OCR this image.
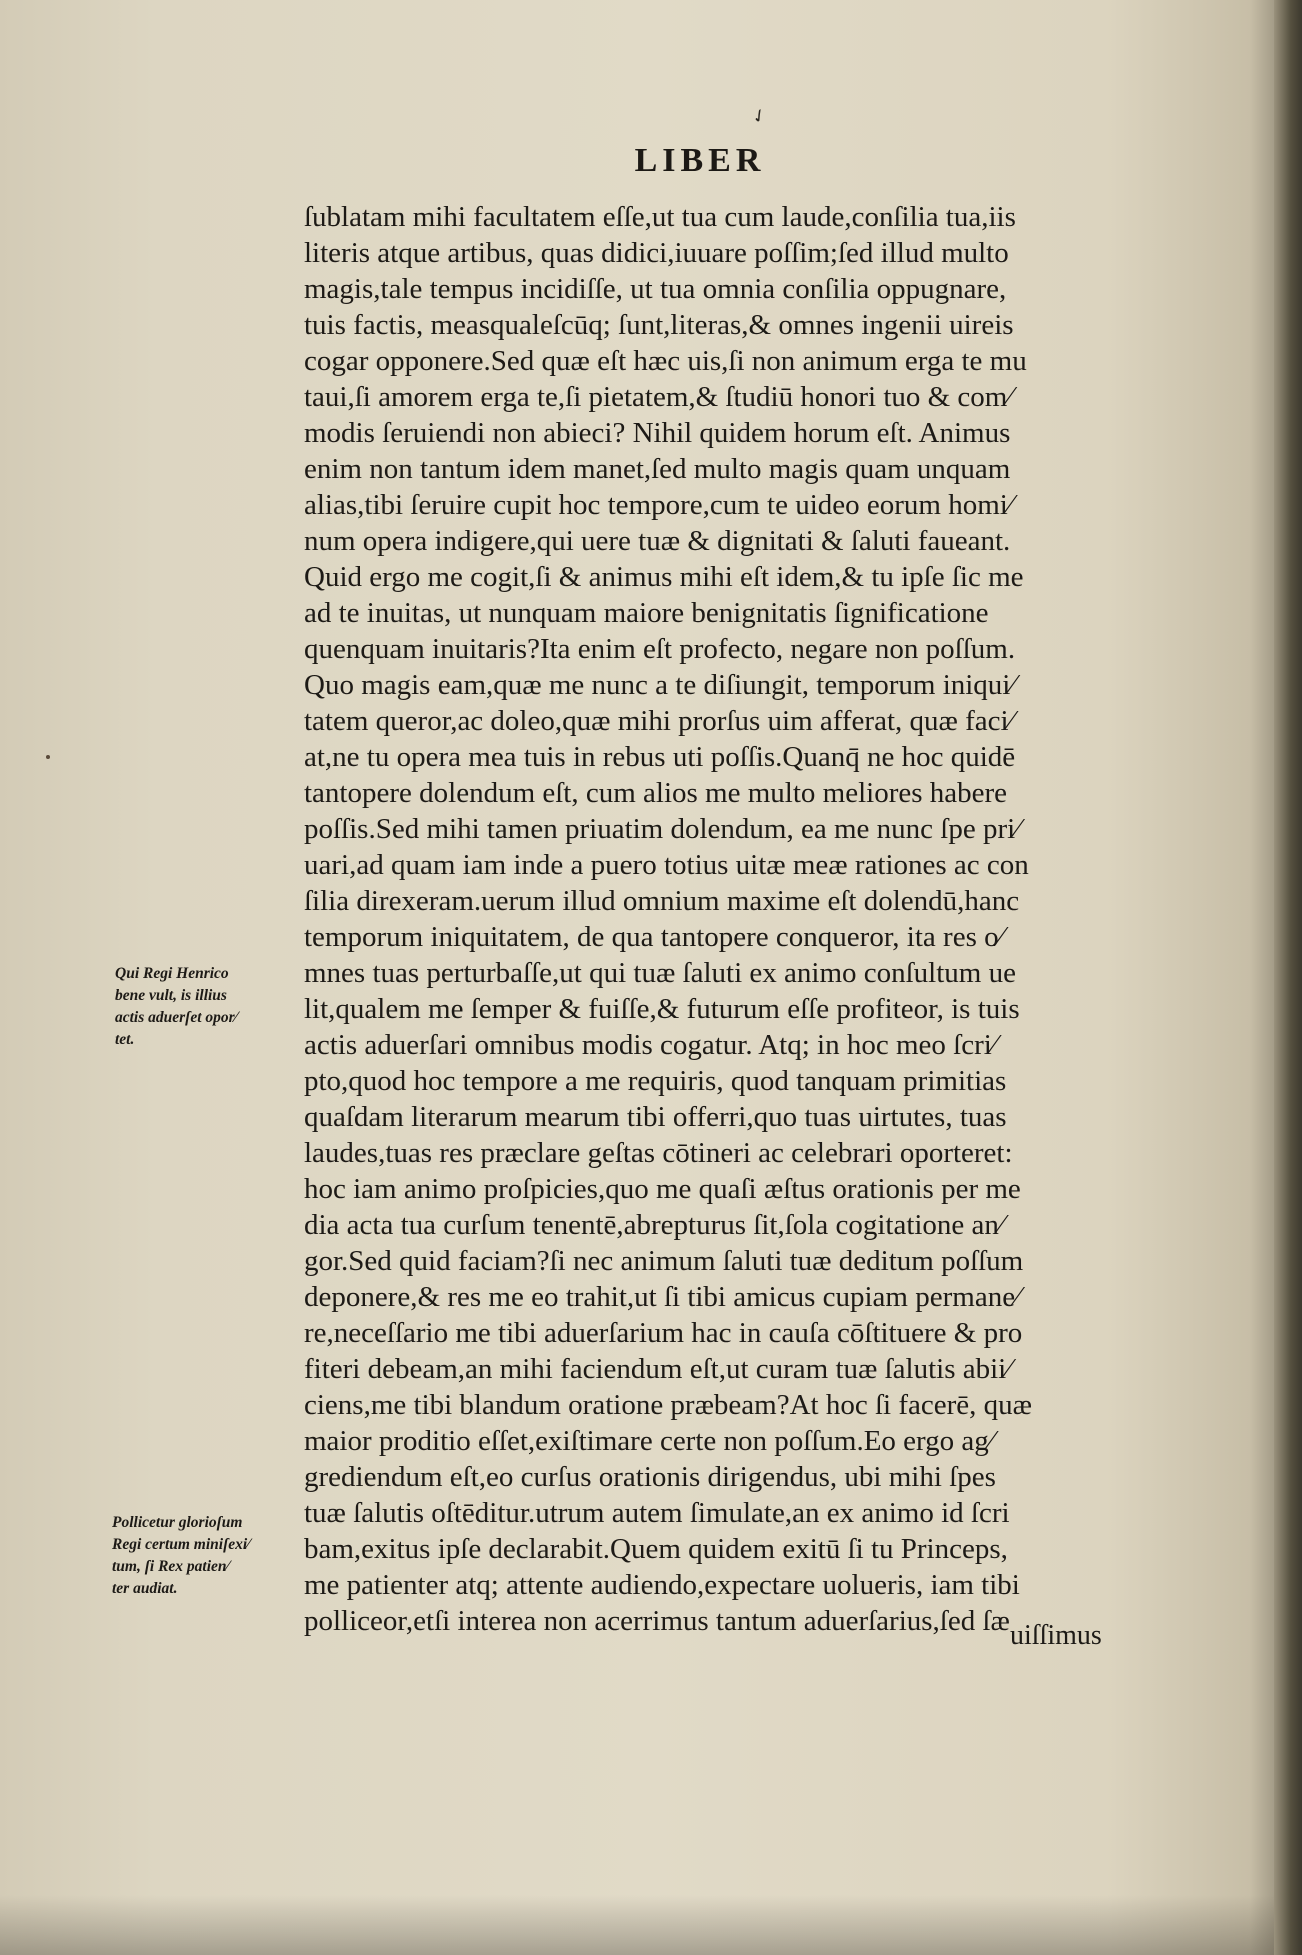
✓
LIBER
ſublatam mihi facultatem eſſe,ut tua cum laude,conſilia tua,iis
literis atque artibus, quas didici,iuuare poſſim;ſed illud multo
magis,tale tempus incidiſſe, ut tua omnia conſilia oppugnare,
tuis factis, measqualeſcūq; ſunt,literas,& omnes ingenii uireis
cogar opponere.Sed quæ eſt hæc uis,ſi non animum erga te mu
taui,ſi amorem erga te,ſi pietatem,& ſtudiū honori tuo & com⁄
modis ſeruiendi non abieci? Nihil quidem horum eſt. Animus
enim non tantum idem manet,ſed multo magis quam unquam
alias,tibi ſeruire cupit hoc tempore,cum te uideo eorum homi⁄
num opera indigere,qui uere tuæ & dignitati & ſaluti faueant.
Quid ergo me cogit,ſi & animus mihi eſt idem,& tu ipſe ſic me
ad te inuitas, ut nunquam maiore benignitatis ſignificatione
quenquam inuitaris?Ita enim eſt profecto, negare non poſſum.
Quo magis eam,quæ me nunc a te diſiungit, temporum iniqui⁄
tatem queror,ac doleo,quæ mihi prorſus uim afferat, quæ faci⁄
at,ne tu opera mea tuis in rebus uti poſſis.Quanq̄ ne hoc quidē
tantopere dolendum eſt, cum alios me multo meliores habere
poſſis.Sed mihi tamen priuatim dolendum, ea me nunc ſpe pri⁄
uari,ad quam iam inde a puero totius uitæ meæ rationes ac con
ſilia direxeram.uerum illud omnium maxime eſt dolendū,hanc
temporum iniquitatem, de qua tantopere conqueror, ita res o⁄
mnes tuas perturbaſſe,ut qui tuæ ſaluti ex animo conſultum ue
lit,qualem me ſemper & fuiſſe,& futurum eſſe profiteor, is tuis
actis aduerſari omnibus modis cogatur. Atq; in hoc meo ſcri⁄
pto,quod hoc tempore a me requiris, quod tanquam primitias
quaſdam literarum mearum tibi offerri,quo tuas uirtutes, tuas
laudes,tuas res præclare geſtas cōtineri ac celebrari oporteret:
hoc iam animo proſpicies,quo me quaſi æſtus orationis per me
dia acta tua curſum tenentē,abrepturus ſit,ſola cogitatione an⁄
gor.Sed quid faciam?ſi nec animum ſaluti tuæ deditum poſſum
deponere,& res me eo trahit,ut ſi tibi amicus cupiam permane⁄
re,neceſſario me tibi aduerſarium hac in cauſa cōſtituere & pro
fiteri debeam,an mihi faciendum eſt,ut curam tuæ ſalutis abii⁄
ciens,me tibi blandum oratione præbeam?At hoc ſi facerē, quæ
maior proditio eſſet,exiſtimare certe non poſſum.Eo ergo ag⁄
grediendum eſt,eo curſus orationis dirigendus, ubi mihi ſpes
tuæ ſalutis oſtēditur.utrum autem ſimulate,an ex animo id ſcri
bam,exitus ipſe declarabit.Quem quidem exitū ſi tu Princeps,
me patienter atq; attente audiendo,expectare uolueris, iam tibi
polliceor,etſi interea non acerrimus tantum aduerſarius,ſed ſæ
Qui Regi Henrico
bene vult, is illius
actis aduerſet opor⁄
tet.
Pollicetur glorioſum
Regi certum miniſexi⁄
tum, ſi Rex patien⁄
ter audiat.
uiſſimus
